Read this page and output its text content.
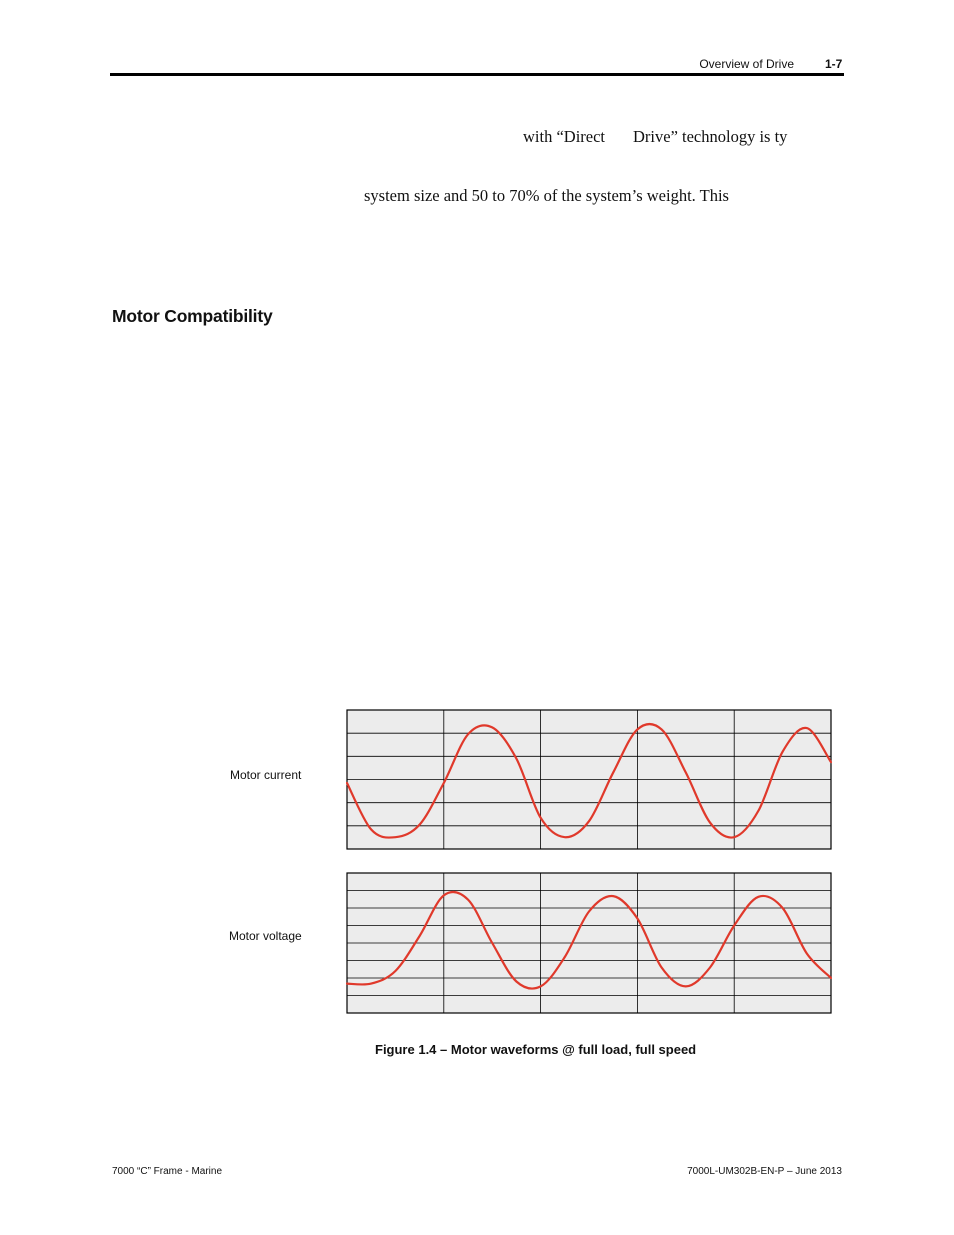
Overview of Drive	1-7
with “Direct Drive” technology is ty
system size and 50 to 70% of the system’s weight. This
Motor Compatibility
Motor current
Motor voltage
Figure 1.4 – Motor waveforms @ full load, full speed
7000 “C” Frame - Marine	7000L-UM302B-EN-P – June 2013
